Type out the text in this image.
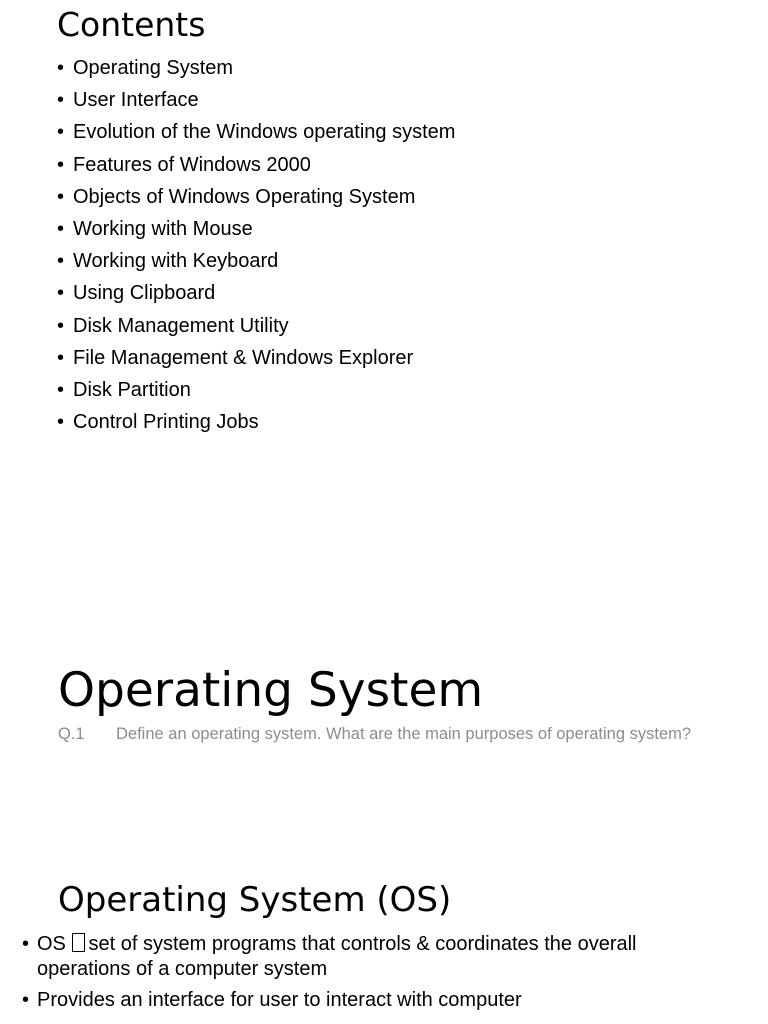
Contents
• Operating System
• User Interface
• Evolution of the Windows operating system
• Features of Windows 2000
• Objects of Windows Operating System
• Working with Mouse
• Working with Keyboard
• Using Clipboard
• Disk Management Utility
• File Management & Windows Explorer
• Disk Partition
• Control Printing Jobs
Operating System

Q.1 Define an operating system. What are the main purposes of operating system?

Operating System (OS)
• OS set of system programs that controls & coordinates the overall operations of a computer system
• Provides an interface for user to interact with computer
